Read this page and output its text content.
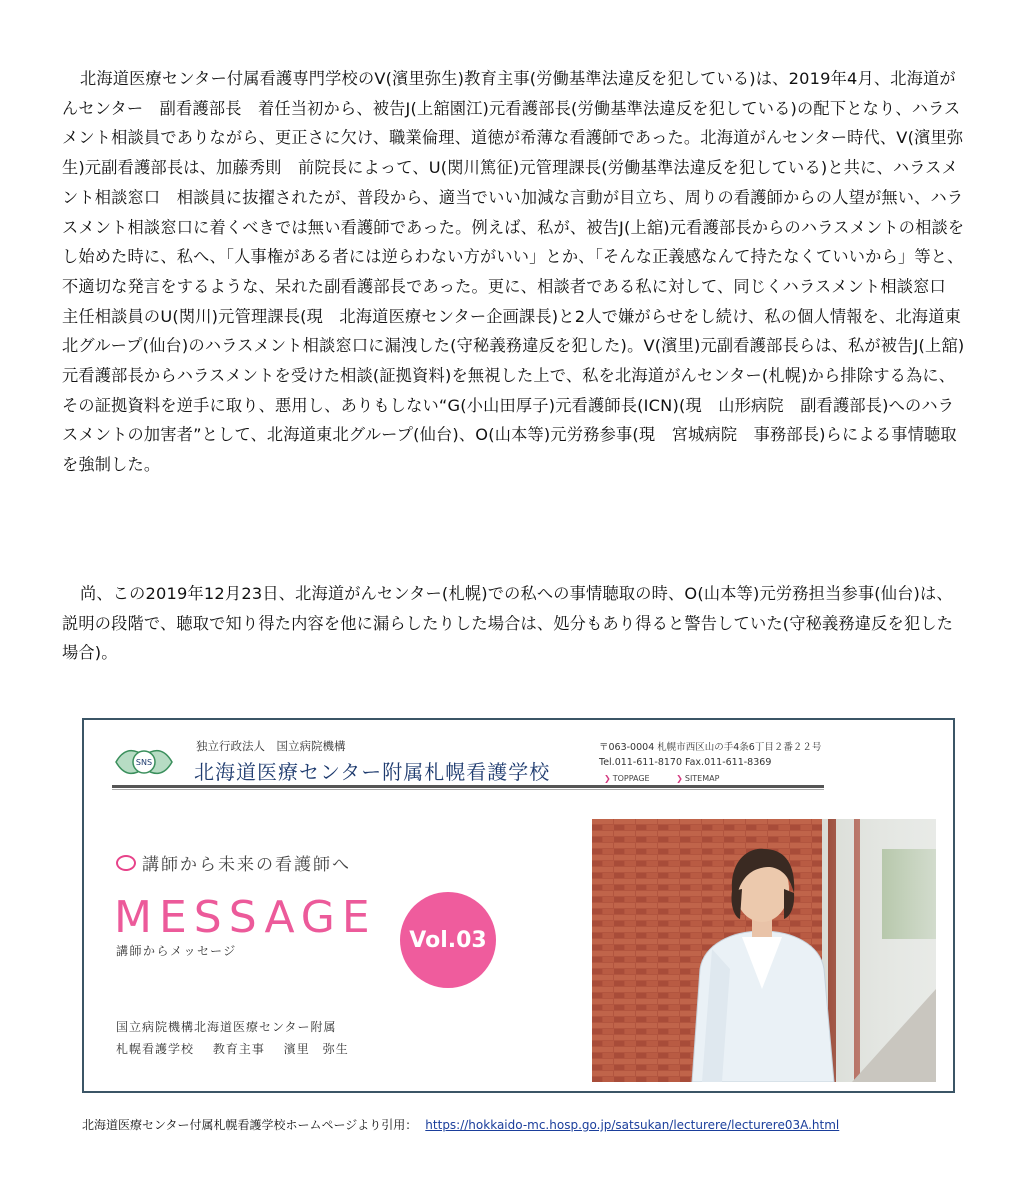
北海道医療センター付属看護専門学校のV(濱里弥生)教育主事(労働基準法違反を犯している)は、2019年4月、北海道がんセンター　副看護部長　着任当初から、被告J(上舘園江)元看護部長(労働基準法違反を犯している)の配下となり、ハラスメント相談員でありながら、更正さに欠け、職業倫理、道徳が希薄な看護師であった。北海道がんセンター時代、V(濱里弥生)元副看護部長は、加藤秀則　前院長によって、U(関川篤征)元管理課長(労働基準法違反を犯している)と共に、ハラスメント相談窓口　相談員に抜擢されたが、普段から、適当でいい加減な言動が目立ち、周りの看護師からの人望が無い、ハラスメント相談窓口に着くべきでは無い看護師であった。例えば、私が、被告J(上舘)元看護部長からのハラスメントの相談をし始めた時に、私へ、「人事権がある者には逆らわない方がいい」とか、「そんな正義感なんて持たなくていいから」等と、不適切な発言をするような、呆れた副看護部長であった。更に、相談者である私に対して、同じくハラスメント相談窓口　主任相談員のU(関川)元管理課長(現　北海道医療センター企画課長)と2人で嫌がらせをし続け、私の個人情報を、北海道東北グループ(仙台)のハラスメント相談窓口に漏洩した(守秘義務違反を犯した)。V(濱里)元副看護部長らは、私が被告J(上舘)元看護部長からハラスメントを受けた相談(証拠資料)を無視した上で、私を北海道がんセンター(札幌)から排除する為に、その証拠資料を逆手に取り、悪用し、ありもしない“G(小山田厚子)元看護師長(ICN)(現　山形病院　副看護部長)へのハラスメントの加害者”として、北海道東北グループ(仙台)、O(山本等)元労務参事(現　宮城病院　事務部長)らによる事情聴取を強制した。

尚、この2019年12月23日、北海道がんセンター(札幌)での私への事情聴取の時、O(山本等)元労務担当参事(仙台)は、説明の段階で、聴取で知り得た内容を他に漏らしたりした場合は、処分もあり得ると警告していた(守秘義務違反を犯した場合)。

SNS
独立行政法人　国立病院機構
北海道医療センター附属札幌看護学校
〒063-0004 札幌市西区山の手4条6丁目２番２２号
Tel.011-611-8170 Fax.011-611-8369
❯ TOPPAGE	❯ SITEMAP
講師から未来の看護師へ
MESSAGE
講師からメッセージ	Vol.03
国立病院機構北海道医療センター附属
札幌看護学校 教育主事 濱里　弥生
北海道医療センター付属札幌看護学校ホームページより引用： https://hokkaido-mc.hosp.go.jp/satsukan/lecturere/lecturere03A.html
